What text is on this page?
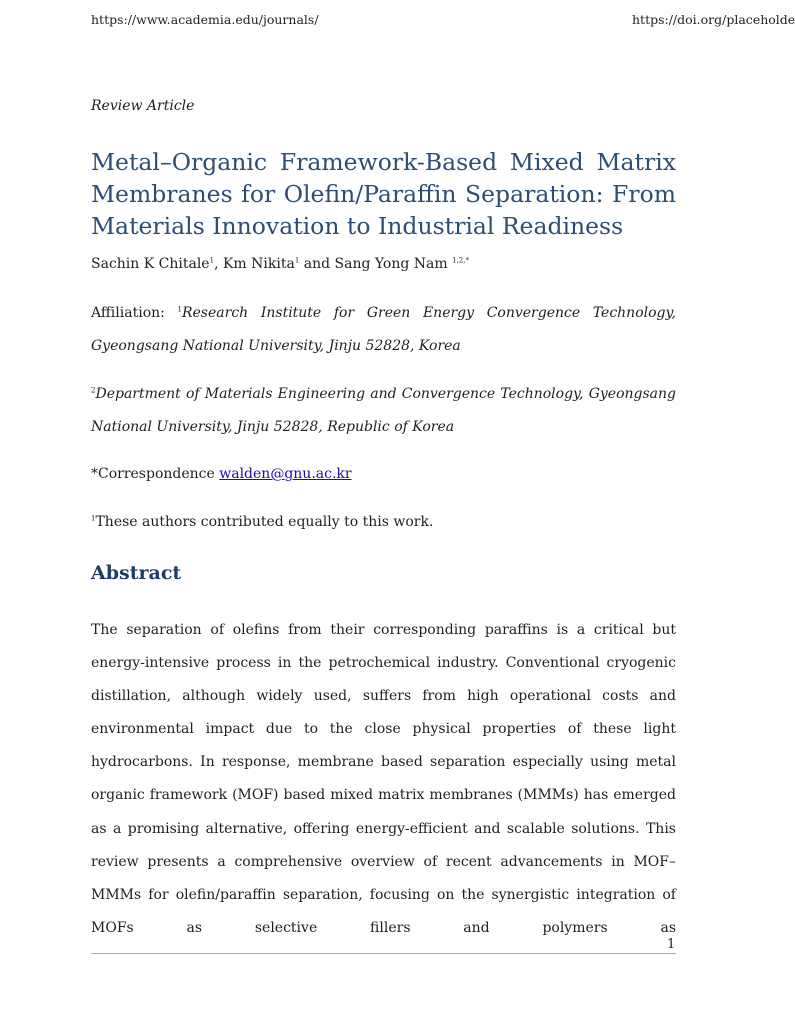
https://www.academia.edu/journals/	https://doi.org/placeholde
Review Article
Metal–Organic Framework-Based Mixed Matrix Membranes for Olefin/Paraffin Separation: From Materials Innovation to Industrial Readiness
Sachin K Chitale$^1$, Km Nikita$^1$ and Sang Yong Nam $^{1,2,*}$

Affiliation: $^1$Research Institute for Green Energy Convergence Technology, Gyeongsang National University, Jinju 52828, Korea

$^2$Department of Materials Engineering and Convergence Technology, Gyeongsang National University, Jinju 52828, Republic of Korea

*Correspondence walden@gnu.ac.kr
$^1$These authors contributed equally to this work.
Abstract

The separation of olefins from their corresponding paraffins is a critical but energy-intensive process in the petrochemical industry. Conventional cryogenic distillation, although widely used, suffers from high operational costs and environmental impact due to the close physical properties of these light hydrocarbons. In response, membrane based separation especially using metal organic framework (MOF) based mixed matrix membranes (MMMs) has emerged as a promising alternative, offering energy-efficient and scalable solutions. This review presents a comprehensive overview of recent advancements in MOF–MMMs for olefin/paraffin separation, focusing on the synergistic integration of MOFs as selective fillers and polymers as

1
